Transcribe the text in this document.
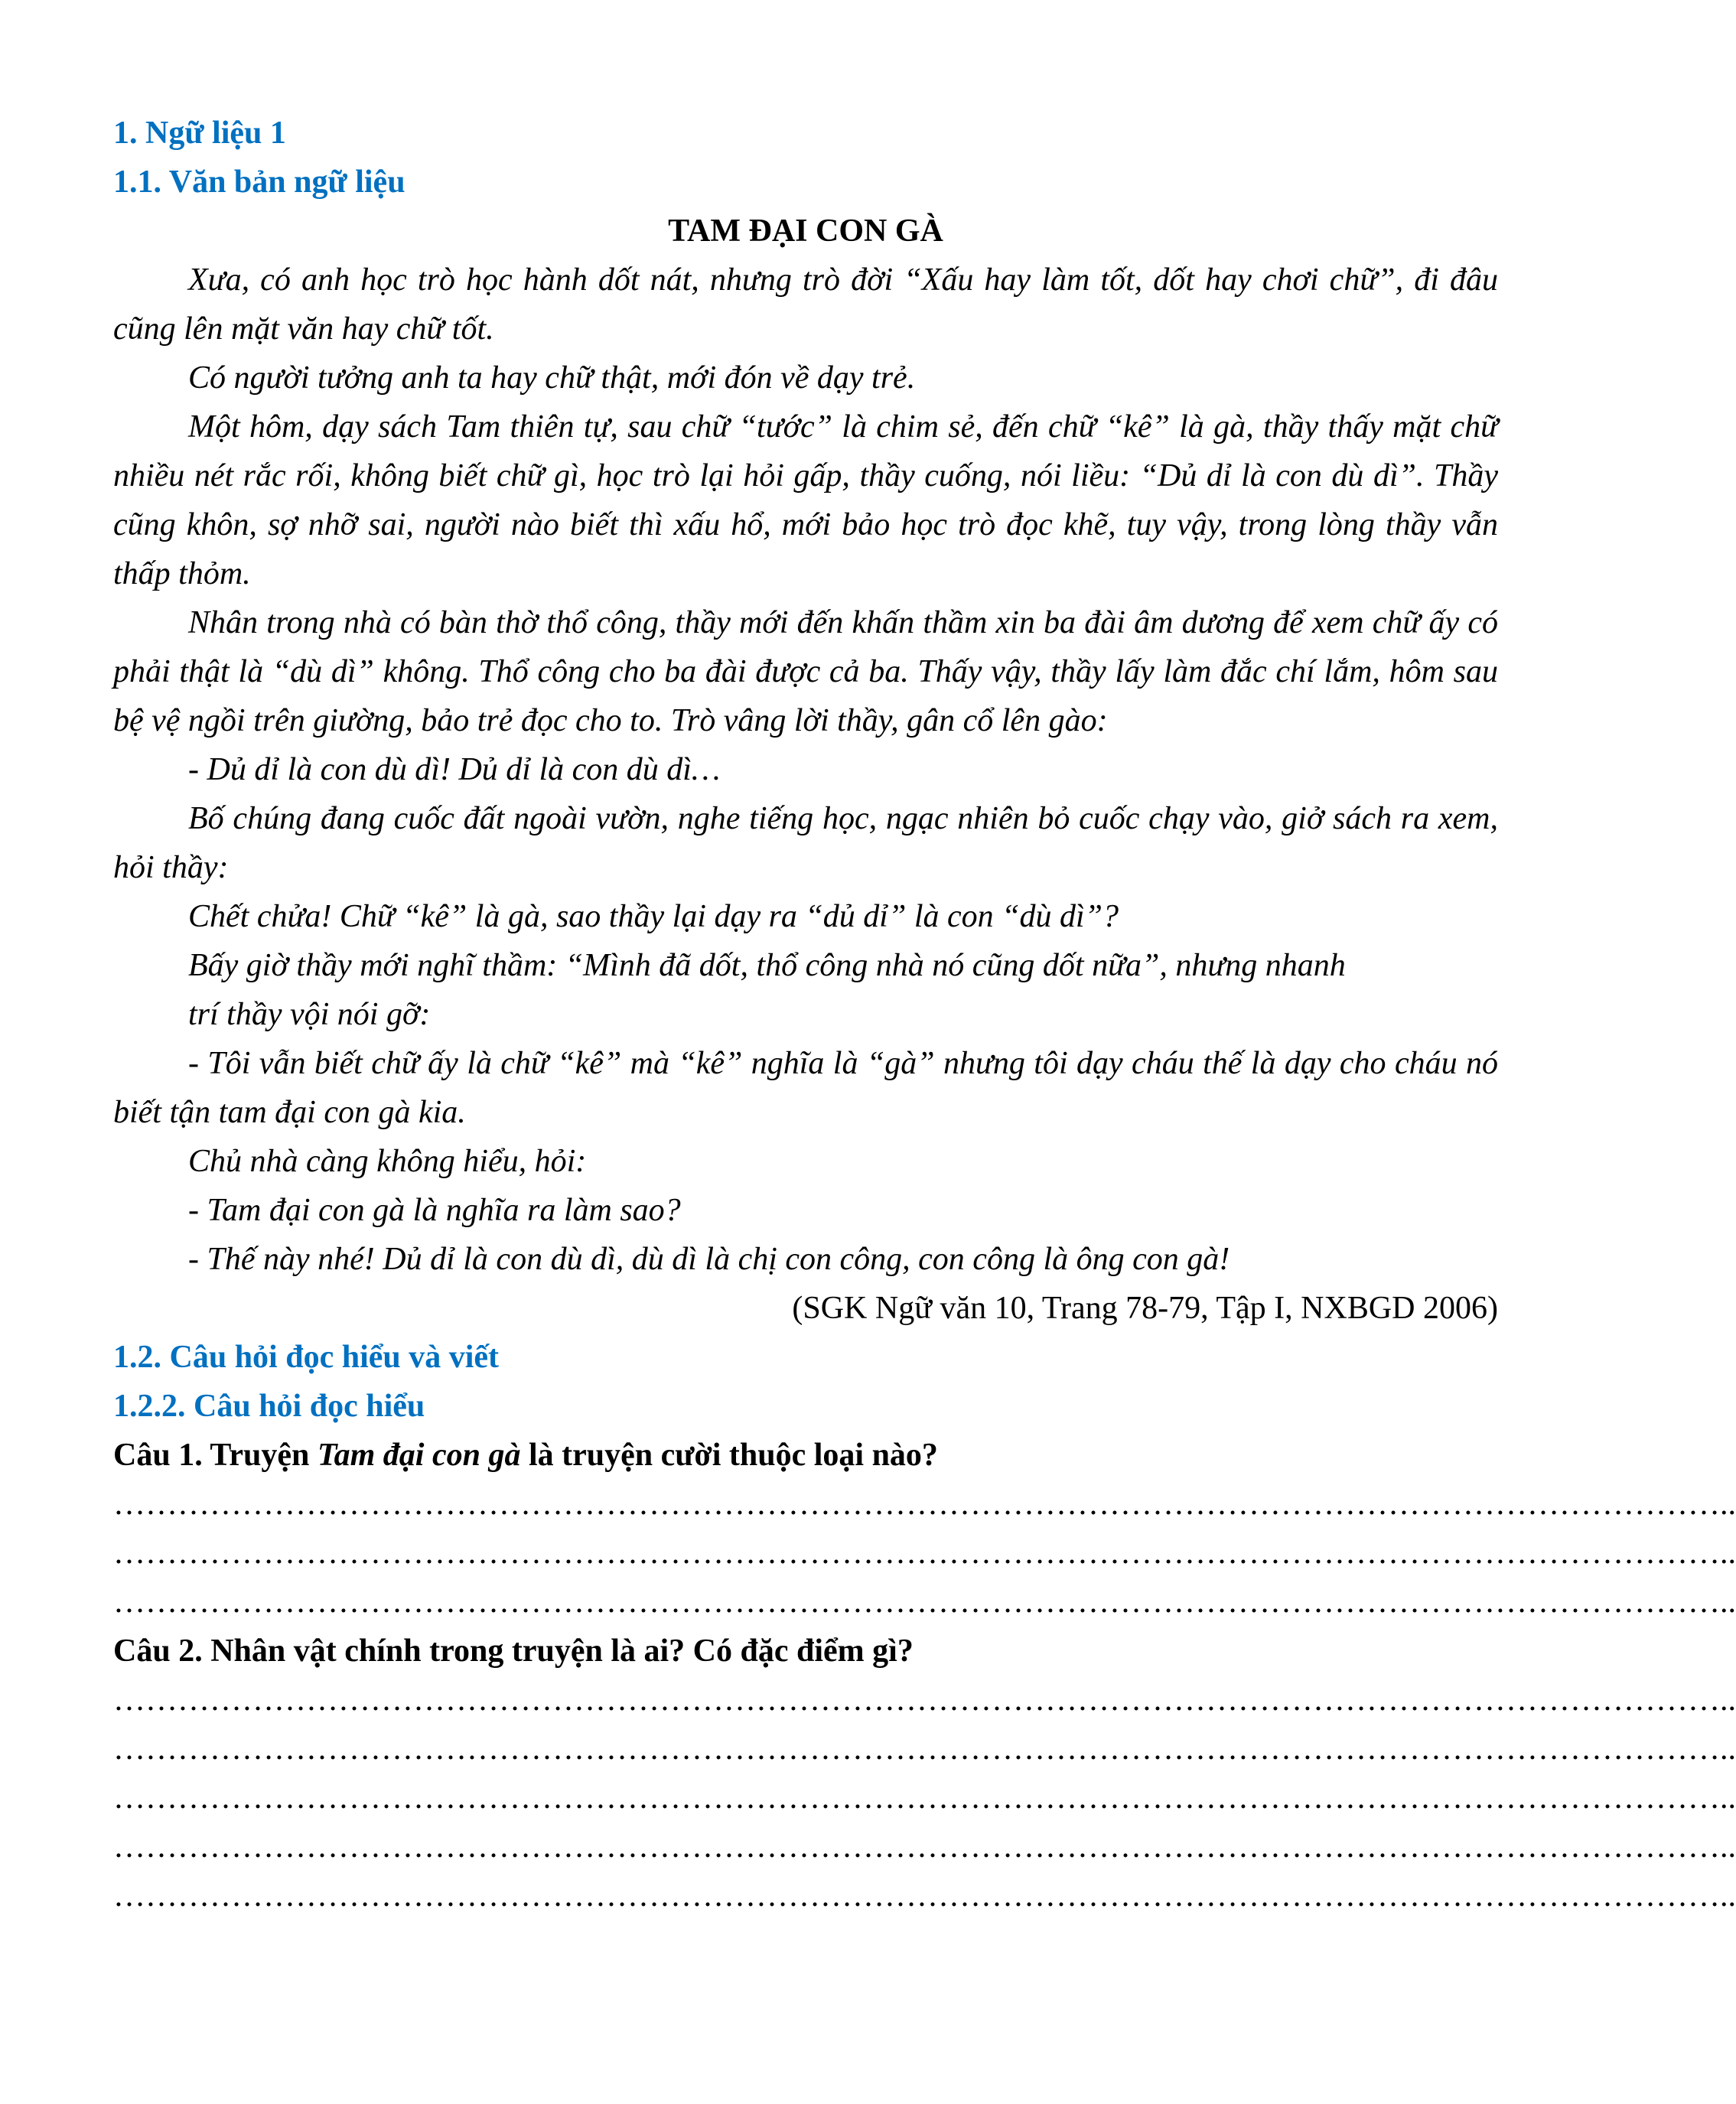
1. Ngữ liệu 1

1.1. Văn bản ngữ liệu

TAM ĐẠI CON GÀ

Xưa, có anh học trò học hành dốt nát, nhưng trò đời “Xấu hay làm tốt, dốt hay chơi chữ”, đi đâu cũng lên mặt văn hay chữ tốt.

Có người tưởng anh ta hay chữ thật, mới đón về dạy trẻ.

Một hôm, dạy sách Tam thiên tự, sau chữ “tước” là chim sẻ, đến chữ “kê” là gà, thầy thấy mặt chữ nhiều nét rắc rối, không biết chữ gì, học trò lại hỏi gấp, thầy cuống, nói liều: “Dủ dỉ là con dù dì”. Thầy cũng khôn, sợ nhỡ sai, người nào biết thì xấu hổ, mới bảo học trò đọc khẽ, tuy vậy, trong lòng thầy vẫn thấp thỏm.

Nhân trong nhà có bàn thờ thổ công, thầy mới đến khấn thầm xin ba đài âm dương để xem chữ ấy có phải thật là “dù dì” không. Thổ công cho ba đài được cả ba. Thấy vậy, thầy lấy làm đắc chí lắm, hôm sau bệ vệ ngồi trên giường, bảo trẻ đọc cho to. Trò vâng lời thầy, gân cổ lên gào:

- Dủ dỉ là con dù dì! Dủ dỉ là con dù dì…

Bố chúng đang cuốc đất ngoài vườn, nghe tiếng học, ngạc nhiên bỏ cuốc chạy vào, giở sách ra xem, hỏi thầy:

Chết chửa! Chữ “kê” là gà, sao thầy lại dạy ra “dủ dỉ” là con “dù dì”?

Bấy giờ thầy mới nghĩ thầm: “Mình đã dốt, thổ công nhà nó cũng dốt nữa”, nhưng nhanh trí thầy vội nói gỡ:

- Tôi vẫn biết chữ ấy là chữ “kê” mà “kê” nghĩa là “gà” nhưng tôi dạy cháu thế là dạy cho cháu nó biết tận tam đại con gà kia.

Chủ nhà càng không hiểu, hỏi:

- Tam đại con gà là nghĩa ra làm sao?

- Thế này nhé! Dủ dỉ là con dù dì, dù dì là chị con công, con công là ông con gà!

(SGK Ngữ văn 10, Trang 78-79, Tập I, NXBGD 2006)

1.2. Câu hỏi đọc hiểu và viết

1.2.2. Câu hỏi đọc hiểu

Câu 1. Truyện Tam đại con gà là truyện cười thuộc loại nào?

……………………………………………………………………………………………………………………………………..

……………………………………………………………………………………………………………………………………..

……………………………………………………………………………………………………………………………………..

Câu 2. Nhân vật chính trong truyện là ai? Có đặc điểm gì?

……………………………………………………………………………………………………………………………………..

……………………………………………………………………………………………………………………………………..

……………………………………………………………………………………………………………………………………..

……………………………………………………………………………………………………………………………………..

……………………………………………………………………………………………………………………………………..
